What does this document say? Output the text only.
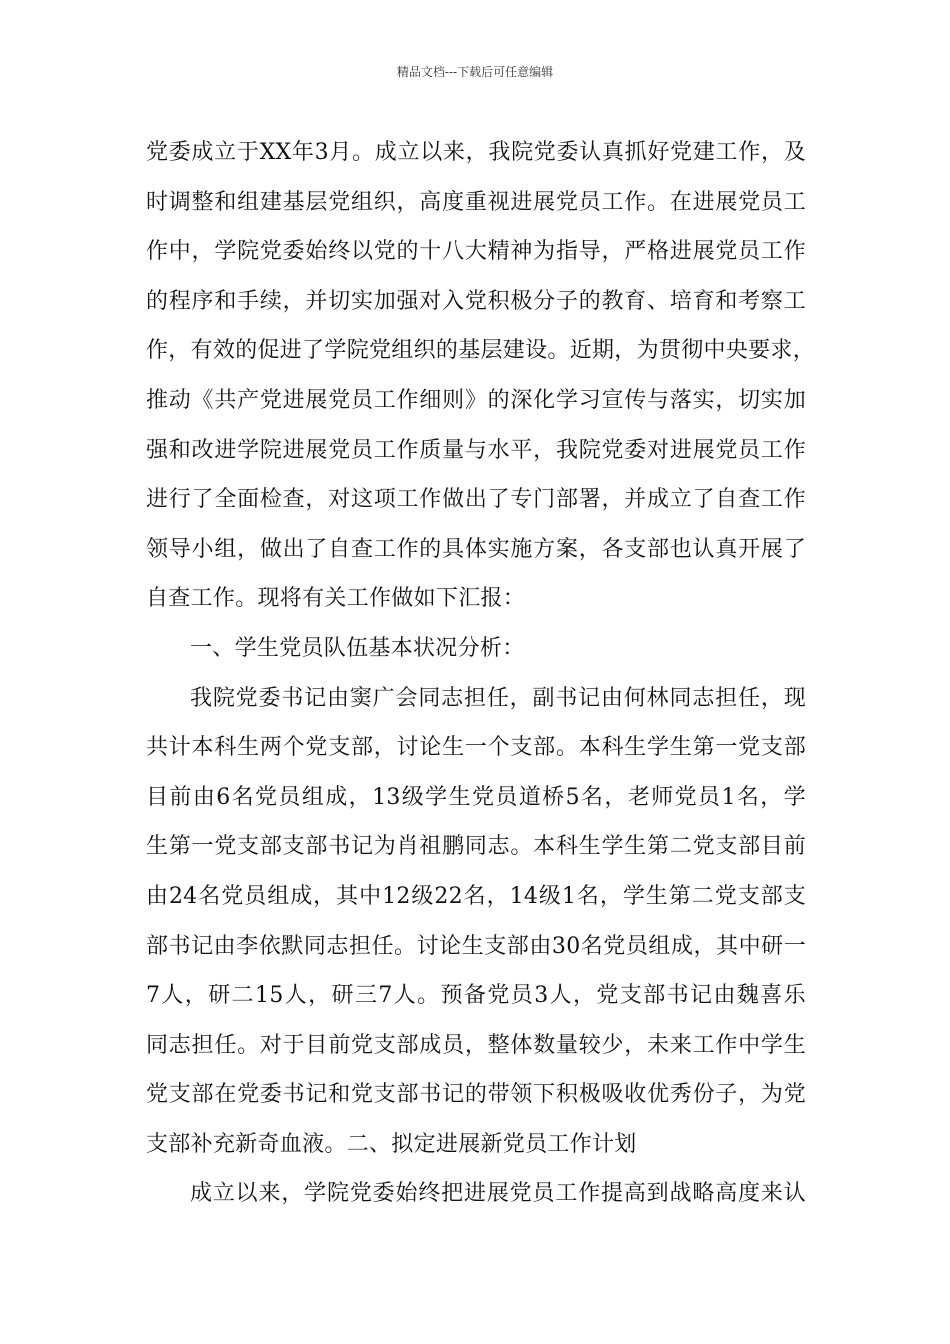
精品文档---下载后可任意编辑
党委成立于XX年3月。成立以来，我院党委认真抓好党建工作，及
时调整和组建基层党组织，高度重视进展党员工作。在进展党员工
作中，学院党委始终以党的十八大精神为指导，严格进展党员工作
的程序和手续，并切实加强对入党积极分子的教育、培育和考察工
作，有效的促进了学院党组织的基层建设。近期，为贯彻中央要求，
推动《共产党进展党员工作细则》的深化学习宣传与落实，切实加
强和改进学院进展党员工作质量与水平，我院党委对进展党员工作
进行了全面检查，对这项工作做出了专门部署，并成立了自查工作
领导小组，做出了自查工作的具体实施方案，各支部也认真开展了
自查工作。现将有关工作做如下汇报：
一、学生党员队伍基本状况分析：
我院党委书记由窦广会同志担任，副书记由何林同志担任，现
共计本科生两个党支部，讨论生一个支部。本科生学生第一党支部
目前由6名党员组成，13级学生党员道桥5名，老师党员1名，学
生第一党支部支部书记为肖祖鹏同志。本科生学生第二党支部目前
由24名党员组成，其中12级22名，14级1名，学生第二党支部支
部书记由李依默同志担任。讨论生支部由30名党员组成，其中研一
7人，研二15人，研三7人。预备党员3人，党支部书记由魏喜乐
同志担任。对于目前党支部成员，整体数量较少，未来工作中学生
党支部在党委书记和党支部书记的带领下积极吸收优秀份子，为党
支部补充新奇血液。二、拟定进展新党员工作计划
成立以来，学院党委始终把进展党员工作提高到战略高度来认
